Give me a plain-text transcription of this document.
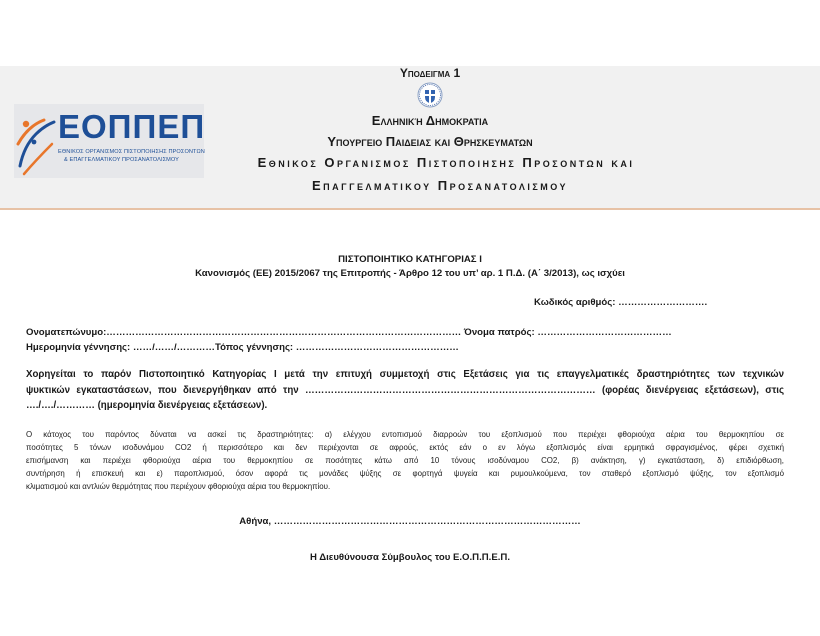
ΕΟΠΠΕΠ
ΕΘΝΙΚΟΣ ΟΡΓΑΝΙΣΜΟΣ ΠΙΣΤΟΠΟΙΗΣΗΣ ΠΡΟΣΟΝΤΩΝ
& ΕΠΑΓΓΕΛΜΑΤΙΚΟΥ ΠΡΟΣΑΝΑΤΟΛΙΣΜΟΥ
Υποδειγμα 1
Ελληνική Δημοκρατια
Υπουργειο Παιδειας και Θρησκευματων
Εθνικος Οργανισμος Πιστοποιησης Προσοντων και
Επαγγελματικου Προσανατολισμου
ΠΙΣΤΟΠΟΙΗΤΙΚΟ ΚΑΤΗΓΟΡΙΑΣ Ι
Κανονισμός (ΕΕ) 2015/2067 της Επιτροπής - Άρθρο 12 του υπ’ αρ. 1 Π.Δ. (Α΄ 3/2013), ως ισχύει
Κωδικός αριθμός: ……………………….
Ονοματεπώνυμο:………………………………………………………………………………………………… Όνομα πατρός: ……………………………………
Ημερομηνία γέννησης: ……/……/…………Τόπος γέννησης: ……………………………………………
Χορηγείται το παρόν Πιστοποιητικό Κατηγορίας Ι μετά την επιτυχή συμμετοχή στις Εξετάσεις για τις επαγγελματικές δραστηριότητες των τεχνικών
ψυκτικών εγκαταστάσεων, που διενεργήθηκαν από την ……………………………………………………………………………… (φορέας διενέργειας εξετάσεων), στις
…./…./………… (ημερομηνία διενέργειας εξετάσεων).
Ο κάτοχος του παρόντος δύναται να ασκεί τις δραστηριότητες: α) ελέγχου εντοπισμού διαρροών του εξοπλισμού που περιέχει φθοριούχα αέρια του θερμοκηπίου σε
ποσότητες 5 τόνων ισοδυνάμου CO2 ή περισσότερο και δεν περιέχονται σε αφρούς, εκτός εάν ο εν λόγω εξοπλισμός είναι ερμητικά σφραγισμένος, φέρει σχετική
επισήμανση και περιέχει φθοριούχα αέρια του θερμοκηπίου σε ποσότητες κάτω από 10 τόνους ισοδύναμου CO2, β) ανάκτηση, γ) εγκατάσταση, δ) επιδιόρθωση,
συντήρηση ή επισκευή και ε) παροπλισμού, όσον αφορά τις μονάδες ψύξης σε φορτηγά ψυγεία και ρυμουλκούμενα, τον σταθερό εξοπλισμό ψύξης, τον εξοπλισμό
κλιματισμού και αντλιών θερμότητας που περιέχουν φθοριούχα αέρια του θερμοκηπίου.
Αθήνα, ……………………………………………………………………………………
Η Διευθύνουσα Σύμβουλος του Ε.Ο.Π.Π.Ε.Π.
